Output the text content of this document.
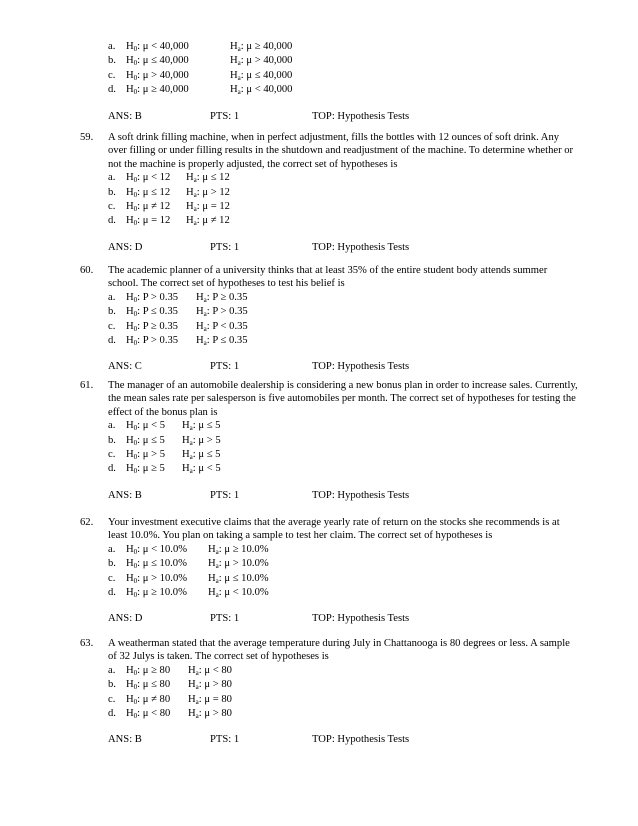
a.	H0: μ < 40,000	Ha: μ ≥ 40,000
b. H0: μ ≤ 40,000	Ha: μ > 40,000
c.	H0: μ > 40,000	Ha: μ ≤ 40,000
d. H0: μ ≥ 40,000	Ha: μ < 40,000
ANS: B	PTS: 1	TOP: Hypothesis Tests
59.	A soft drink filling machine, when in perfect adjustment, fills the bottles with 12 ounces of soft drink. Any over filling or under filling results in the shutdown and readjustment of the machine. To determine whether or not the machine is properly adjusted, the correct set of hypotheses is
a.	H0: μ < 12	Ha: μ ≤ 12
b. H0: μ ≤ 12	Ha: μ > 12
c.	H0: μ ≠ 12	Ha: μ = 12
d. H0: μ = 12	Ha: μ ≠ 12
ANS: D	PTS: 1	TOP: Hypothesis Tests
60.	The academic planner of a university thinks that at least 35% of the entire student body attends summer school. The correct set of hypotheses to test his belief is
a.	H0: P > 0.35	Ha: P ≥ 0.35
b. H0: P ≤ 0.35	Ha: P > 0.35
c.	H0: P ≥ 0.35	Ha: P < 0.35
d. H0: P > 0.35	Ha: P ≤ 0.35
ANS: C	PTS: 1	TOP: Hypothesis Tests
61.	The manager of an automobile dealership is considering a new bonus plan in order to increase sales. Currently, the mean sales rate per salesperson is five automobiles per month. The correct set of hypotheses for testing the effect of the bonus plan is
a.	H0: μ < 5	Ha: μ ≤ 5
b. H0: μ ≤ 5	Ha: μ > 5
c.	H0: μ > 5	Ha: μ ≤ 5
d. H0: μ ≥ 5	Ha: μ < 5
ANS: B	PTS: 1	TOP: Hypothesis Tests
62.	Your investment executive claims that the average yearly rate of return on the stocks she recommends is at least 10.0%. You plan on taking a sample to test her claim. The correct set of hypotheses is
a.	H0: μ < 10.0%	Ha: μ ≥ 10.0%
b. H0: μ ≤ 10.0%	Ha: μ > 10.0%
c.	H0: μ > 10.0%	Ha: μ ≤ 10.0%
d. H0: μ ≥ 10.0%	Ha: μ < 10.0%
ANS: D	PTS: 1	TOP: Hypothesis Tests
63.	A weatherman stated that the average temperature during July in Chattanooga is 80 degrees or less. A sample of 32 Julys is taken. The correct set of hypotheses is
a.	H0: μ ≥ 80	Ha: μ < 80
b. H0: μ ≤ 80	Ha: μ > 80
c.	H0: μ ≠ 80	Ha: μ = 80
d. H0: μ < 80	Ha: μ > 80
ANS: B	PTS: 1	TOP: Hypothesis Tests
